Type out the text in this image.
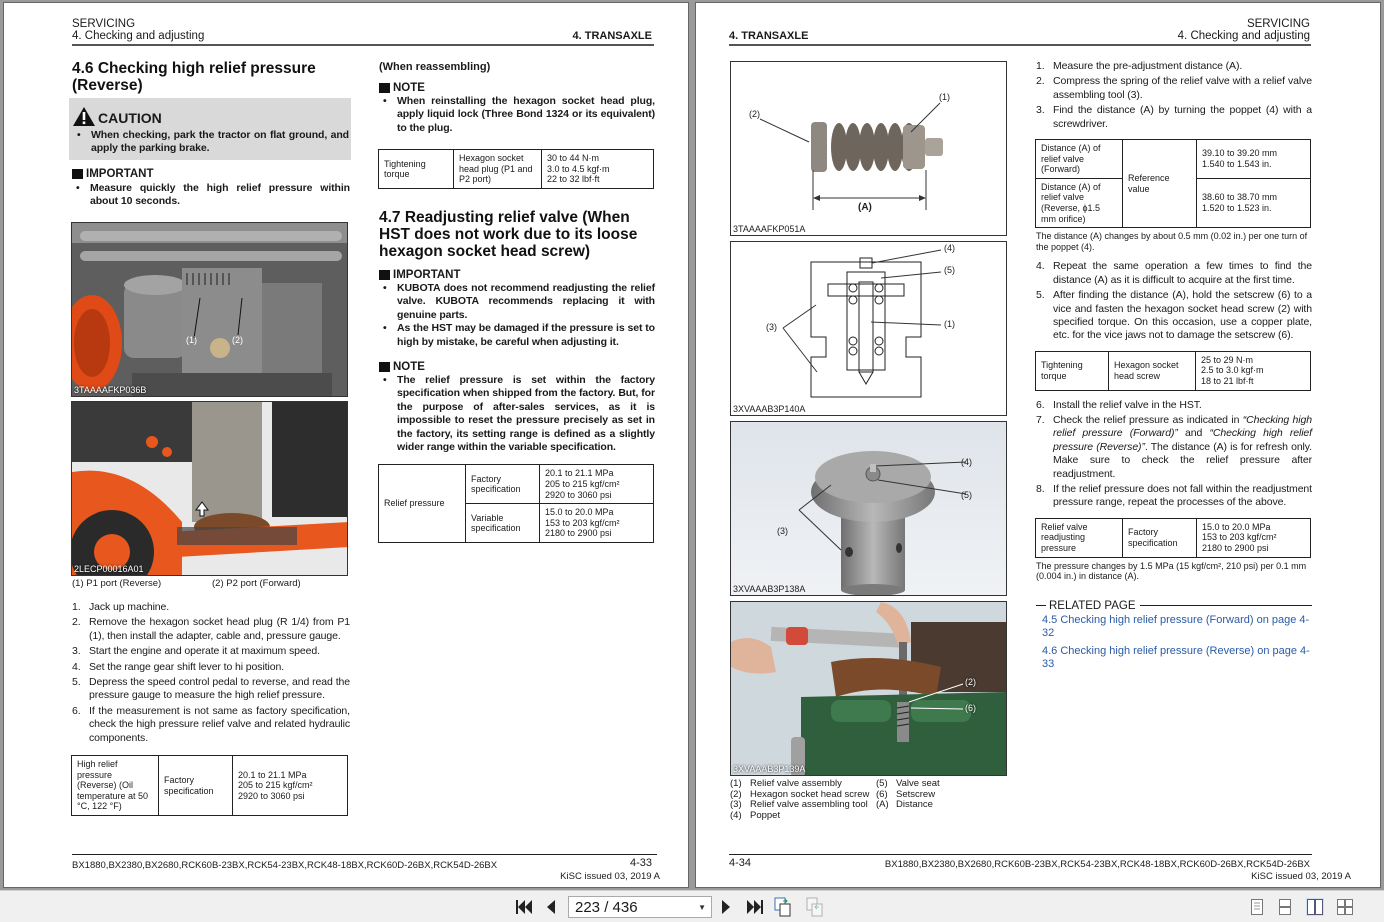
SERVICING
4. Checking and adjusting	4. TRANSAXLE
4.6 Checking high relief pressure
(Reverse)
CAUTION
• When checking, park the tractor on flat ground, and apply the parking brake.
IMPORTANT
• Measure quickly the high relief pressure within about 10 seconds.
(1)	(2)
3TAAAAFKP036B
2LECP00016A01
(1) P1 port (Reverse)	(2) P2 port (Forward)
1. Jack up machine.
2. Remove the hexagon socket head plug (R 1/4) from P1 (1), then install the adapter, cable and, pressure gauge.
3. Start the engine and operate it at maximum speed.
4. Set the range gear shift lever to hi position.
5. Depress the speed control pedal to reverse, and read the pressure gauge to measure the high relief pressure.
6. If the measurement is not same as factory specification, check the high pressure relief valve and related hydraulic components.
High relief pressure (Reverse) (Oil temperature at 50 °C, 122 °F)	Factory specification	20.1 to 21.1 MPa
205 to 215 kgf/cm²
2920 to 3060 psi
(When reassembling)
NOTE
• When reinstalling the hexagon socket head plug, apply liquid lock (Three Bond 1324 or its equivalent) to the plug.
Tightening torque	Hexagon socket head plug (P1 and P2 port)	30 to 44 N·m
3.0 to 4.5 kgf·m
22 to 32 lbf·ft
4.7 Readjusting relief valve (When
HST does not work due to its loose
hexagon socket head screw)
IMPORTANT
• KUBOTA does not recommend readjusting the relief valve. KUBOTA recommends replacing it with genuine parts.
• As the HST may be damaged if the pressure is set to high by mistake, be careful when adjusting it.
NOTE
• The relief pressure is set within the factory specification when shipped from the factory. But, for the purpose of after-sales services, as it is impossible to reset the pressure precisely as set in the factory, its setting range is defined as a slightly wider range within the variable specification.
Relief pressure	Factory specification	20.1 to 21.1 MPa
205 to 215 kgf/cm²
2920 to 3060 psi
	Variable specification	15.0 to 20.0 MPa
153 to 203 kgf/cm²
2180 to 2900 psi
BX1880,BX2380,BX2680,RCK60B-23BX,RCK54-23BX,RCK48-18BX,RCK60D-26BX,RCK54D-26BX	4-33
KiSC issued 03, 2019 A
4. TRANSAXLE
SERVICING
4. Checking and adjusting
(2)
(1)
(A)
3TAAAAFKP051A
(4)
(5)
(1)
(3)
3XVAAAB3P140A
(4)
(5)
(3)
3XVAAAB3P138A
(2)
(6)
3XVAAAB3P139A
(1) Relief valve assembly	(5) Valve seat
(2) Hexagon socket head screw (6) Setscrew
(3) Relief valve assembling tool (A) Distance
(4) Poppet
1. Measure the pre-adjustment distance (A).
2. Compress the spring of the relief valve with a relief valve assembling tool (3).
3. Find the distance (A) by turning the poppet (4) with a screwdriver.
Distance (A) of relief valve (Forward)	Reference value	39.10 to 39.20 mm
1.540 to 1.543 in.
Distance (A) of relief valve (Reverse, ϕ1.5 mm orifice)		38.60 to 38.70 mm
1.520 to 1.523 in.
The distance (A) changes by about 0.5 mm (0.02 in.) per one turn of the poppet (4).
4. Repeat the same operation a few times to find the distance (A) as it is difficult to acquire at the first time.
5. After finding the distance (A), hold the setscrew (6) to a vice and fasten the hexagon socket head screw (2) with specified torque. On this occasion, use a copper plate, etc. for the vice jaws not to damage the setscrew (6).
Tightening torque	Hexagon socket head screw	25 to 29 N·m
2.5 to 3.0 kgf·m
18 to 21 lbf·ft
6. Install the relief valve in the HST.
7. Check the relief pressure as indicated in “Checking high relief pressure (Forward)” and “Checking high relief pressure (Reverse)”. The distance (A) is for refresh only. Make sure to check the relief pressure after readjustment.
8. If the relief pressure does not fall within the readjustment pressure range, repeat the processes of the above.
Relief valve readjusting pressure	Factory specification	15.0 to 20.0 MPa
153 to 203 kgf/cm²
2180 to 2900 psi
The pressure changes by 1.5 MPa (15 kgf/cm², 210 psi) per 0.1 mm (0.004 in.) in distance (A).
RELATED PAGE
4.5 Checking high relief pressure (Forward) on page 4-32
4.6 Checking high relief pressure (Reverse) on page 4-33
4-34	BX1880,BX2380,BX2680,RCK60B-23BX,RCK54-23BX,RCK48-18BX,RCK60D-26BX,RCK54D-26BX
KiSC issued 03, 2019 A
223 / 436	▼
